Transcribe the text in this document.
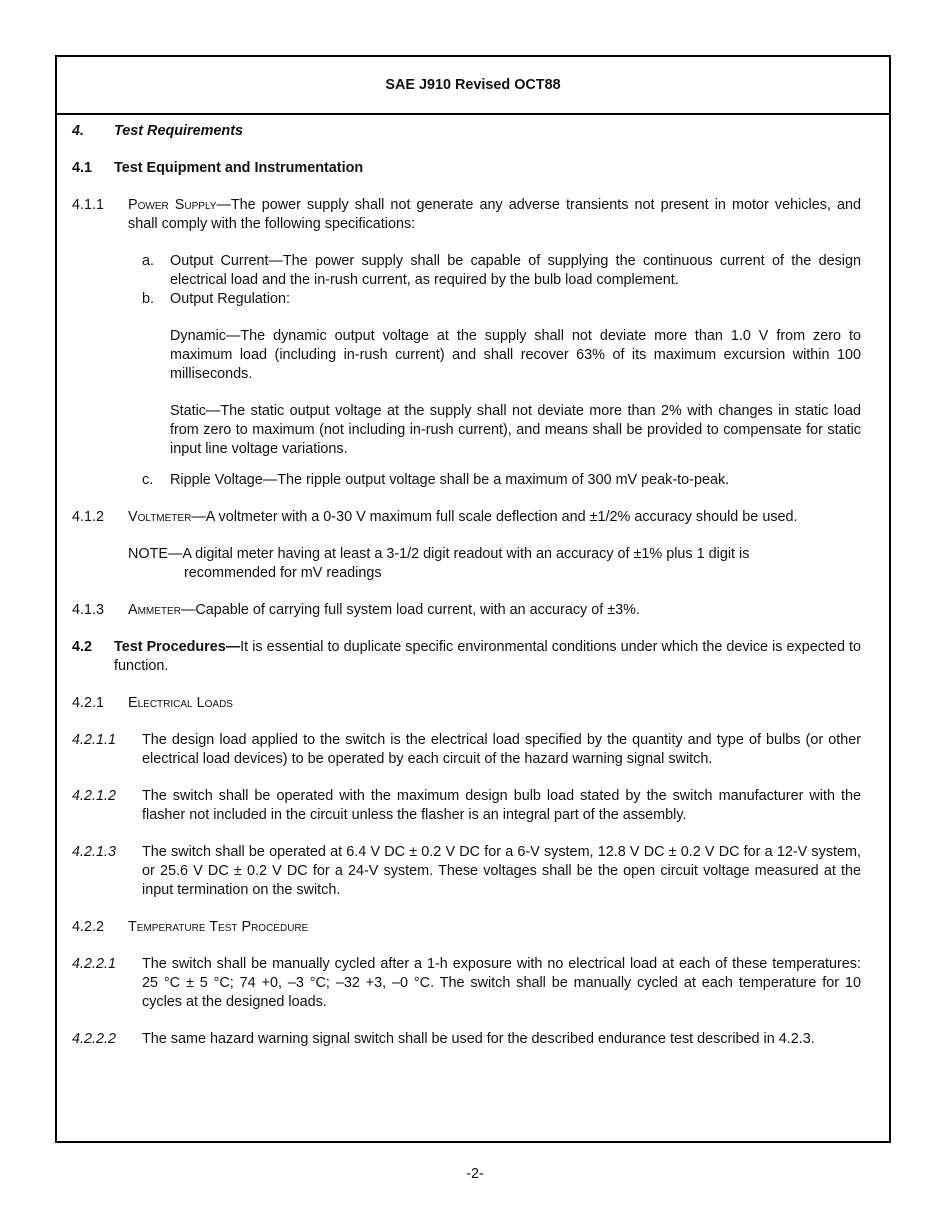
SAE J910 Revised OCT88
4.	Test Requirements
4.1	Test Equipment and Instrumentation
4.1.1	Power Supply—The power supply shall not generate any adverse transients not present in motor vehicles, and shall comply with the following specifications:
a.	Output Current—The power supply shall be capable of supplying the continuous current of the design electrical load and the in-rush current, as required by the bulb load complement.
b.	Output Regulation:
Dynamic—The dynamic output voltage at the supply shall not deviate more than 1.0 V from zero to maximum load (including in-rush current) and shall recover 63% of its maximum excursion within 100 milliseconds.
Static—The static output voltage at the supply shall not deviate more than 2% with changes in static load from zero to maximum (not including in-rush current), and means shall be provided to compensate for static input line voltage variations.
c.	Ripple Voltage—The ripple output voltage shall be a maximum of 300 mV peak-to-peak.
4.1.2	Voltmeter—A voltmeter with a 0-30 V maximum full scale deflection and ±1/2% accuracy should be used.
NOTE—A digital meter having at least a 3-1/2 digit readout with an accuracy of ±1% plus 1 digit is
recommended for mV readings
4.1.3	Ammeter—Capable of carrying full system load current, with an accuracy of ±3%.
4.2	Test Procedures—It is essential to duplicate specific environmental conditions under which the device is expected to function.
4.2.1	Electrical Loads
4.2.1.1	The design load applied to the switch is the electrical load specified by the quantity and type of bulbs (or other electrical load devices) to be operated by each circuit of the hazard warning signal switch.
4.2.1.2	The switch shall be operated with the maximum design bulb load stated by the switch manufacturer with the flasher not included in the circuit unless the flasher is an integral part of the assembly.
4.2.1.3	The switch shall be operated at 6.4 V DC ± 0.2 V DC for a 6-V system, 12.8 V DC ± 0.2 V DC for a 12-V system, or 25.6 V DC ± 0.2 V DC for a 24-V system. These voltages shall be the open circuit voltage measured at the input termination on the switch.
4.2.2	Temperature Test Procedure
4.2.2.1	The switch shall be manually cycled after a 1-h exposure with no electrical load at each of these temperatures: 25 °C ± 5 °C; 74 +0, –3 °C; –32 +3, –0 °C. The switch shall be manually cycled at each temperature for 10 cycles at the designed loads.
4.2.2.2	The same hazard warning signal switch shall be used for the described endurance test described in 4.2.3.
-2-
